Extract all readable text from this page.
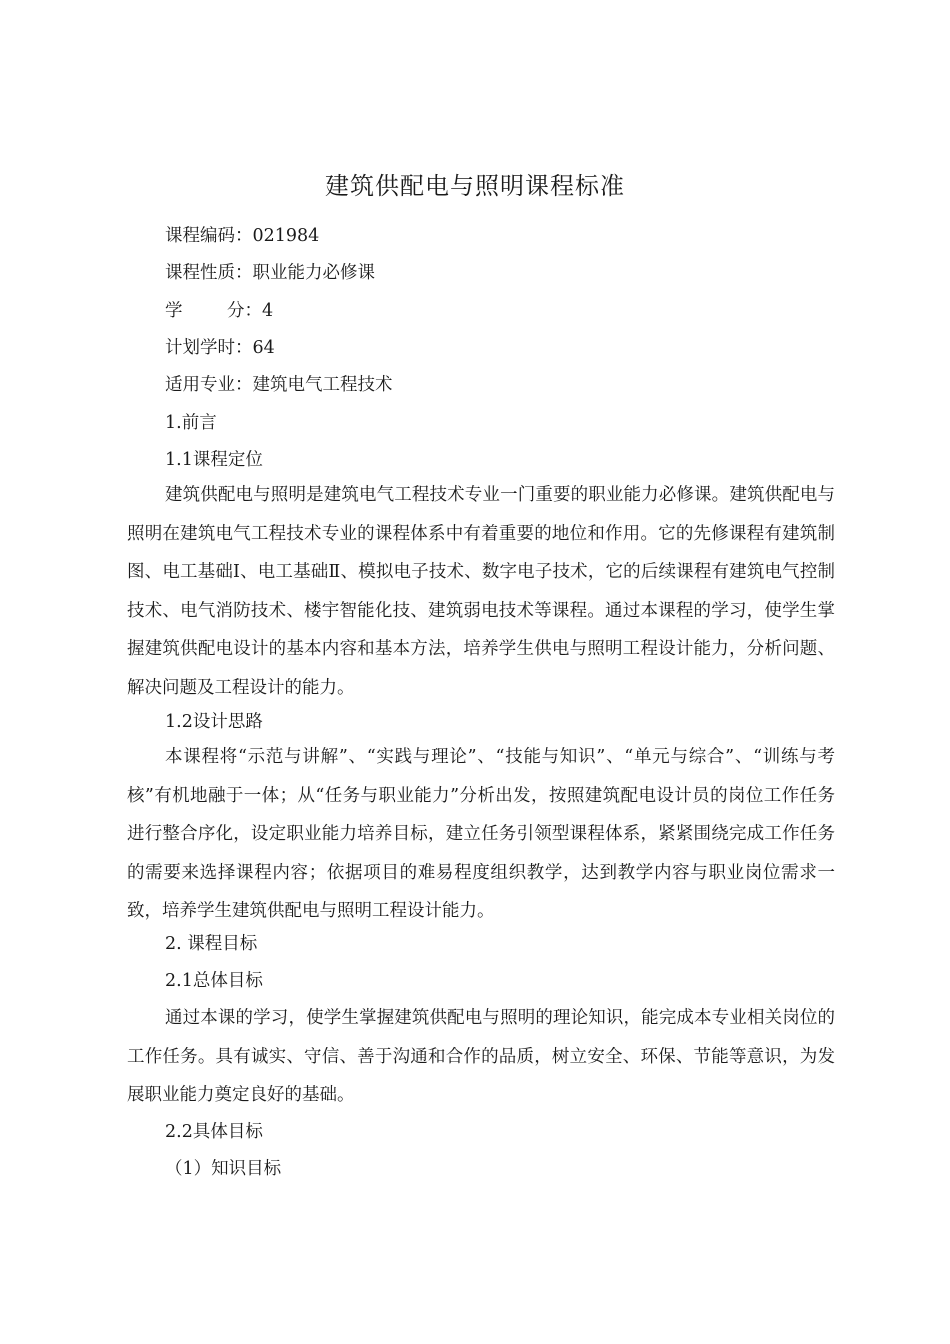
建筑供配电与照明课程标准
课程编码：021984
课程性质：职业能力必修课
学	分：4
计划学时：64
适用专业：建筑电气工程技术
1.前言
1.1课程定位
建筑供配电与照明是建筑电气工程技术专业一门重要的职业能力必修课。建筑供配电与照明在建筑电气工程技术专业的课程体系中有着重要的地位和作用。它的先修课程有建筑制图、电工基础Ⅰ、电工基础Ⅱ、模拟电子技术、数字电子技术，它的后续课程有建筑电气控制技术、电气消防技术、楼宇智能化技、建筑弱电技术等课程。通过本课程的学习，使学生掌握建筑供配电设计的基本内容和基本方法，培养学生供电与照明工程设计能力，分析问题、解决问题及工程设计的能力。
1.2设计思路
本课程将“示范与讲解”、“实践与理论”、“技能与知识”、“单元与综合”、“训练与考核”有机地融于一体；从“任务与职业能力”分析出发，按照建筑配电设计员的岗位工作任务进行整合序化，设定职业能力培养目标，建立任务引领型课程体系，紧紧围绕完成工作任务的需要来选择课程内容；依据项目的难易程度组织教学，达到教学内容与职业岗位需求一致，培养学生建筑供配电与照明工程设计能力。
2. 课程目标
2.1总体目标
通过本课的学习，使学生掌握建筑供配电与照明的理论知识，能完成本专业相关岗位的工作任务。具有诚实、守信、善于沟通和合作的品质，树立安全、环保、节能等意识，为发展职业能力奠定良好的基础。
2.2具体目标
（1）知识目标
